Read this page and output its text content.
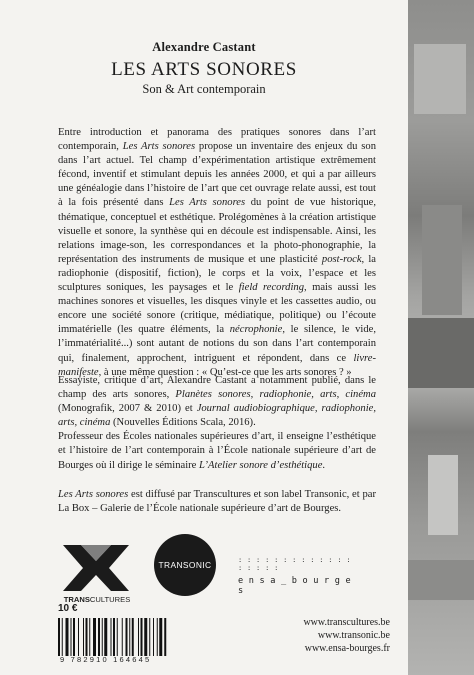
Alexandre Castant
LES ARTS SONORES
Son & Art contemporain

Entre introduction et panorama des pratiques sonores dans l’art contemporain, Les Arts sonores propose un inventaire des enjeux du son dans l’art actuel. Tel champ d’expérimentation artistique extrêmement fécond, inventif et stimulant depuis les années 2000, et qui a par ailleurs une généalogie dans l’histoire de l’art que cet ouvrage relate aussi, est tout à la fois présenté dans Les Arts sonores du point de vue historique, thématique, conceptuel et esthétique. Prolégomènes à la création artistique visuelle et sonore, la synthèse qui en découle est indispensable. Ainsi, les relations image-son, les correspondances et la photo-phonographie, la représentation des instruments de musique et une plasticité post-rock, la radiophonie (dispositif, fiction), le corps et la voix, l’espace et les sculptures soniques, les paysages et le field recording, mais aussi les machines sonores et visuelles, les disques vinyle et les cassettes audio, ou encore une société sonore (critique, médiatique, politique) ou l’écoute immatérielle (les quatre éléments, la nécrophonie, le silence, le vide, l’immatérialité...) sont autant de notions du son dans l’art contemporain qui, finalement, approchent, intriguent et répondent, dans ce livre-manifeste, à une même question : « Qu’est-ce que les arts sonores ? »

Essayiste, critique d’art, Alexandre Castant a notamment publié, dans le champ des arts sonores, Planètes sonores, radiophonie, arts, cinéma (Monografik, 2007 & 2010) et Journal audiobiographique, radiophonie, arts, cinéma (Nouvelles Éditions Scala, 2016).
Professeur des Écoles nationales supérieures d’art, il enseigne l’esthétique et l’histoire de l’art contemporain à l’École nationale supérieure d’art de Bourges où il dirige le séminaire L’Atelier sonore d’esthétique.

Les Arts sonores est diffusé par Transcultures et son label Transonic, et par La Box – Galerie de l’École nationale supérieure d’art de Bourges.

TRANSCULTURES
TRANSONIC	: : : : : : : : : : : : : : : : : :
e n s a _ b o u r g e s
10 €
9 782910 164645
www.transcultures.be
www.transonic.be
www.ensa-bourges.fr
